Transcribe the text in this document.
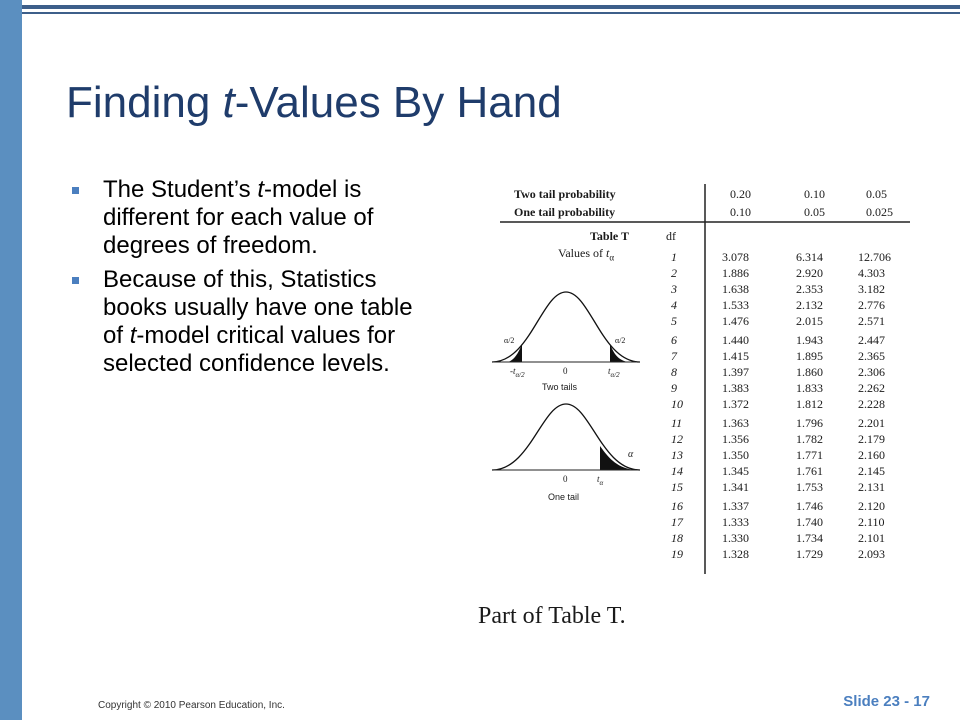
Finding t-Values By Hand
The Student’s t-model is different for each value of degrees of freedom.
Because of this, Statistics books usually have one table of t-model critical values for selected confidence levels.
Two tail probability
One tail probability
0.20	0.10	0.05
0.10	0.05	0.025
Table T
Values of $t_\alpha$
df
1	3.078	6.314	12.706
2	1.886	2.920	4.303
3	1.638	2.353	3.182
4	1.533	2.132	2.776
5	1.476	2.015	2.571
6	1.440	1.943	2.447
7	1.415	1.895	2.365
8	1.397	1.860	2.306
9	1.383	1.833	2.262
10	1.372	1.812	2.228
11	1.363	1.796	2.201
12	1.356	1.782	2.179
13	1.350	1.771	2.160
14	1.345	1.761	2.145
15	1.341	1.753	2.131
16	1.337	1.746	2.120
17	1.333	1.740	2.110
18	1.330	1.734	2.101
19	1.328	1.729	2.093
α/2	α/2
$-t_{\alpha/2}$	0	$t_{\alpha/2}$
Two tails
α
0	$t_\alpha$
One tail
Part of Table T.
Copyright © 2010 Pearson Education, Inc.	Slide 23 - 17
